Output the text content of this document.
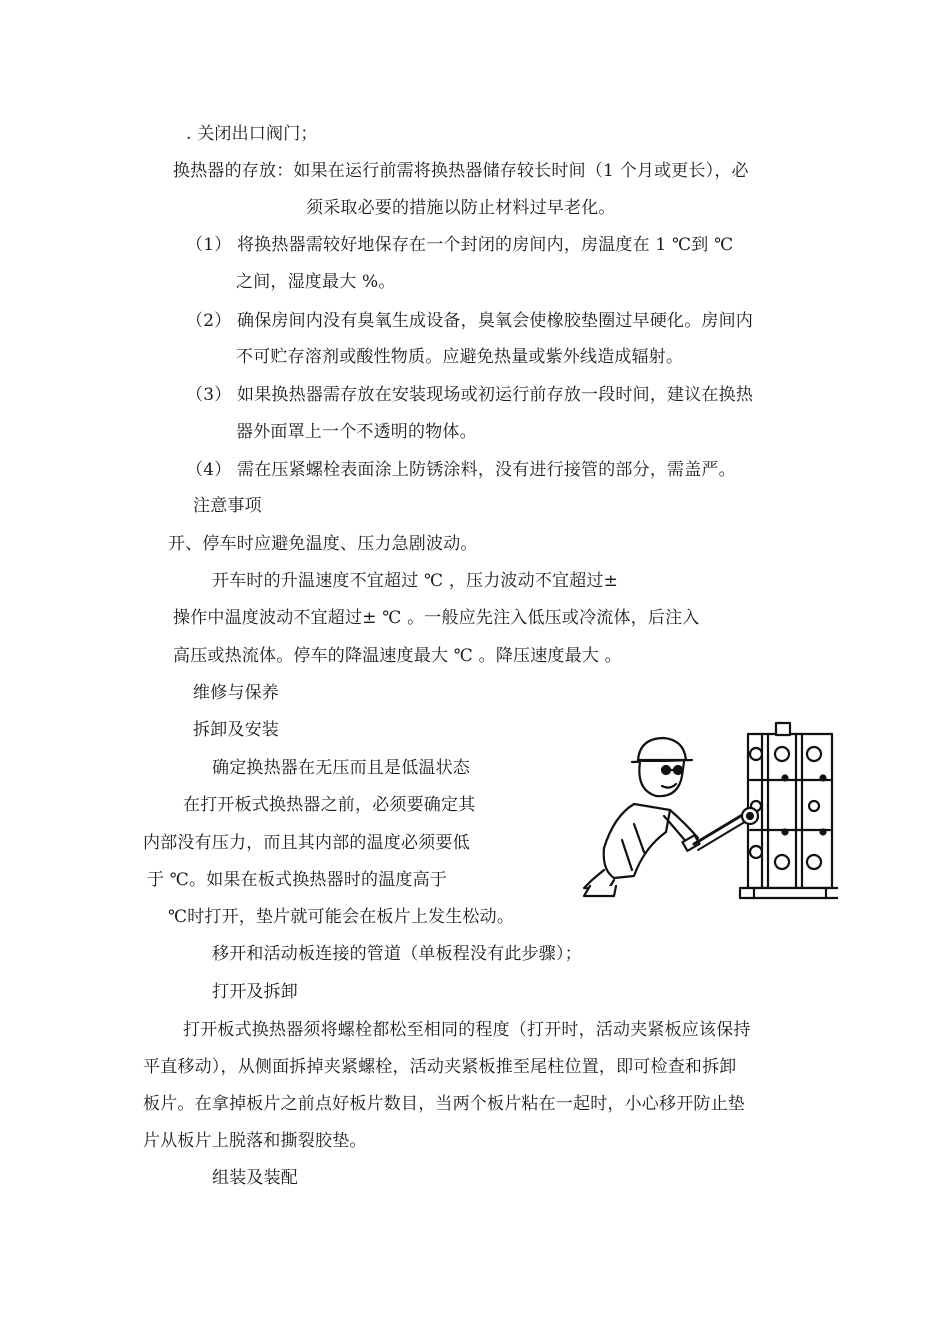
. 关闭出口阀门；
换热器的存放：如果在运行前需将换热器储存较长时间（1 个月或更长），必
须采取必要的措施以防止材料过早老化。
（1） 将换热器需较好地保存在一个封闭的房间内，房温度在 1 ℃到 ℃
之间，湿度最大 %。
（2） 确保房间内没有臭氧生成设备，臭氧会使橡胶垫圈过早硬化。房间内
不可贮存溶剂或酸性物质。应避免热量或紫外线造成辐射。
（3） 如果换热器需存放在安装现场或初运行前存放一段时间，建议在换热
器外面罩上一个不透明的物体。
（4） 需在压紧螺栓表面涂上防锈涂料，没有进行接管的部分，需盖严。
注意事项
开、停车时应避免温度、压力急剧波动。
开车时的升温速度不宜超过 ℃ ，压力波动不宜超过±
操作中温度波动不宜超过± ℃ 。一般应先注入低压或冷流体，后注入
高压或热流体。停车的降温速度最大 ℃ 。降压速度最大 。
维修与保养
拆卸及安装
确定换热器在无压而且是低温状态
在打开板式换热器之前，必须要确定其
内部没有压力，而且其内部的温度必须要低
于 ℃。如果在板式换热器时的温度高于
℃时打开，垫片就可能会在板片上发生松动。
移开和活动板连接的管道（单板程没有此步骤）；
打开及拆卸
打开板式换热器须将螺栓都松至相同的程度（打开时，活动夹紧板应该保持
平直移动），从侧面拆掉夹紧螺栓，活动夹紧板推至尾柱位置，即可检查和拆卸
板片。在拿掉板片之前点好板片数目，当两个板片粘在一起时，小心移开防止垫
片从板片上脱落和撕裂胶垫。
组装及装配
